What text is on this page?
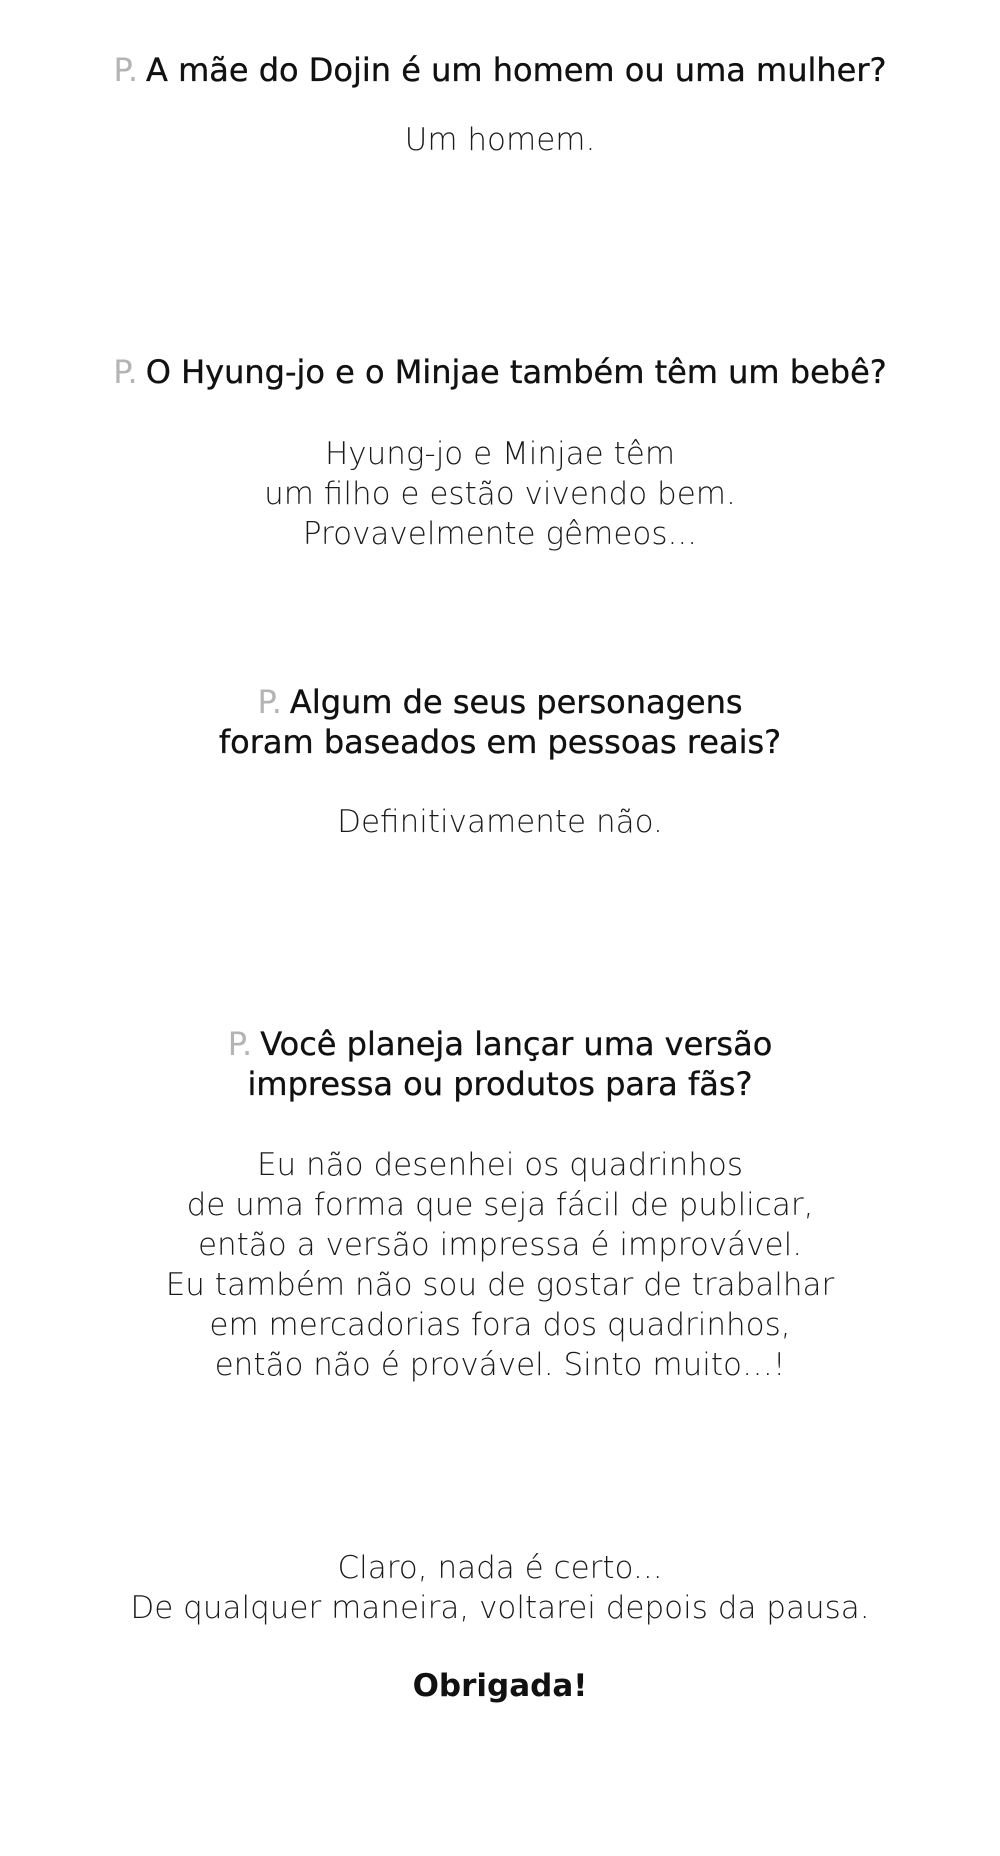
P. A mãe do Dojin é um homem ou uma mulher?
Um homem.
P. O Hyung-jo e o Minjae também têm um bebê?
Hyung-jo e Minjae têm
um filho e estão vivendo bem.
Provavelmente gêmeos...
P. Algum de seus personagens
foram baseados em pessoas reais?
Definitivamente não.
P. Você planeja lançar uma versão
impressa ou produtos para fãs?
Eu não desenhei os quadrinhos
de uma forma que seja fácil de publicar,
então a versão impressa é improvável.
Eu também não sou de gostar de trabalhar
em mercadorias fora dos quadrinhos,
então não é provável. Sinto muito…!
Claro, nada é certo...
De qualquer maneira, voltarei depois da pausa.
Obrigada!
